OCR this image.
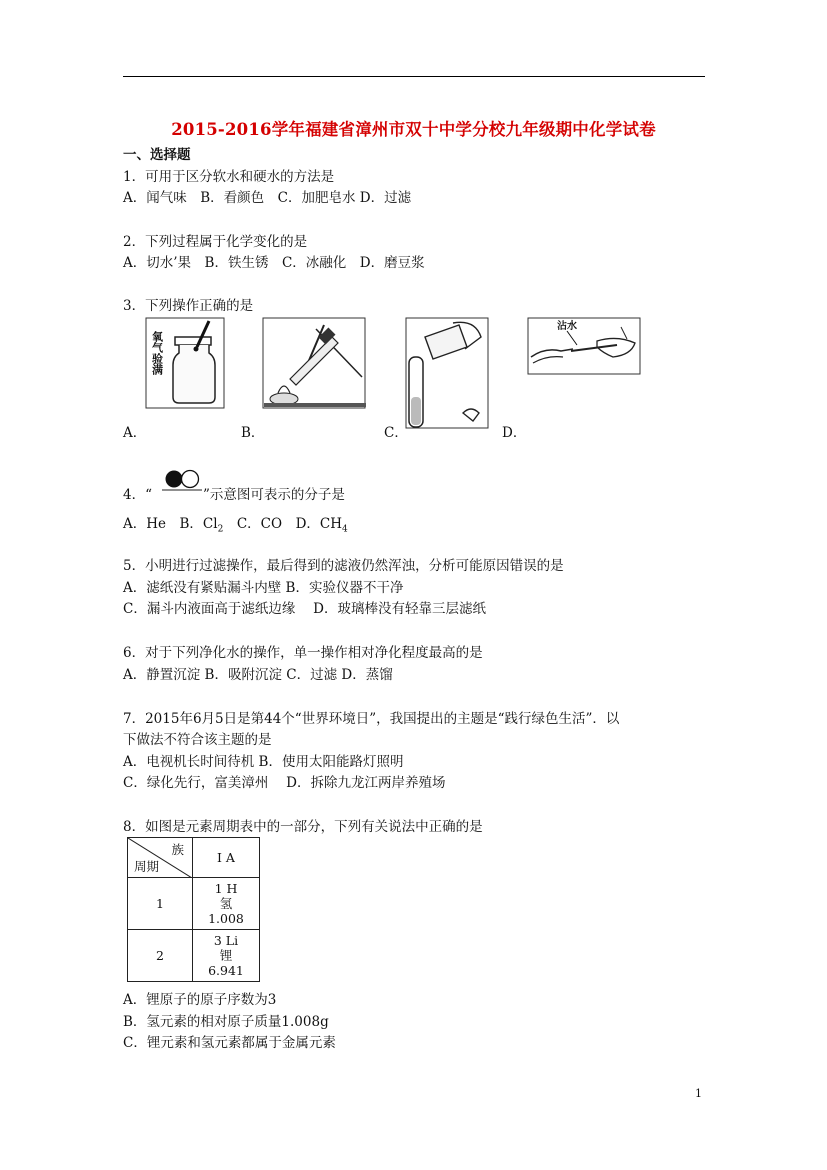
2015-2016学年福建省漳州市双十中学分校九年级期中化学试卷
一、选择题
1．可用于区分软水和硬水的方法是
A．闻气味　B．看颜色　C．加肥皂水 D．过滤
2．下列过程属于化学变化的是
A．切水’果　B．铁生锈　C．冰融化　D．磨豆浆
3．下列操作正确的是
氧气验满
沾水
A．	B．	C．	D．
4．“	”示意图可表示的分子是
A．He　 B．$Cl_2$　 C．CO　 D．$CH_4$
5．小明进行过滤操作，最后得到的滤液仍然浑浊，分析可能原因错误的是
A．滤纸没有紧贴漏斗内壁 B．实验仪器不干净
C．漏斗内液面高于滤纸边缘　 D．玻璃棒没有轻靠三层滤纸
6．对于下列净化水的操作，单一操作相对净化程度最高的是
A．静置沉淀 B．吸附沉淀 C．过滤 D．蒸馏
7．2015年6月5日是第44个“世界环境日”，我国提出的主题是“践行绿色生活”．以
下做法不符合该主题的是
A．电视机长时间待机 B．使用太阳能路灯照明
C．绿化先行，富美漳州　 D．拆除九龙江两岸养殖场
8．如图是元素周期表中的一部分，下列有关说法中正确的是
族
周期	I A
1	1 H
氢
1.008

2	3 Li
锂
6.941
A．锂原子的原子序数为3
B．氢元素的相对原子质量1.008g
C．锂元素和氢元素都属于金属元素
1
